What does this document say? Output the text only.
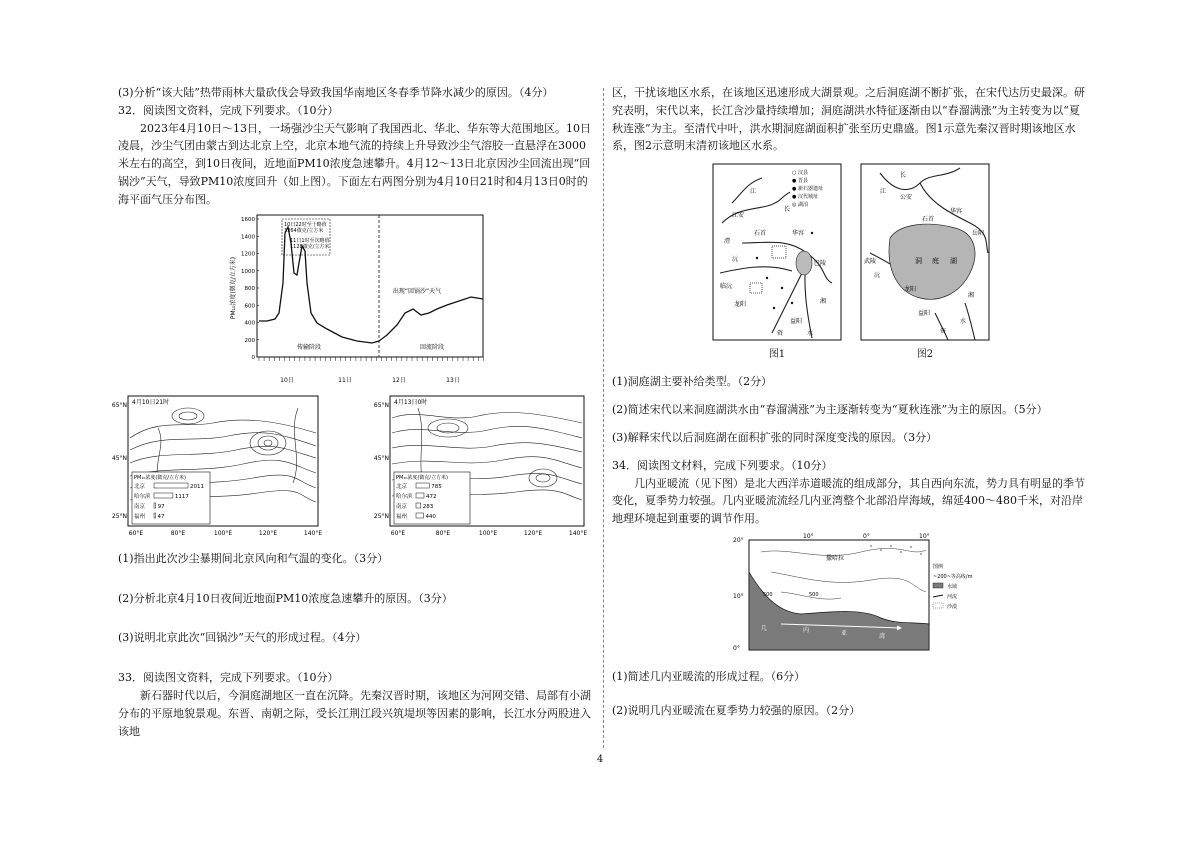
(3)分析“该大陆”热带雨林大量砍伐会导致我国华南地区冬春季节降水减少的原因。（4分）

32．阅读图文资料，完成下列要求。（10分）

2023年4月10日～13日，一场强沙尘天气影响了我国西北、华北、华东等大范围地区。10日凌晨，沙尘气团由蒙古到达北京上空，北京本地气流的持续上升导致沙尘气溶胶一直悬浮在3000米左右的高空，到10日夜间，近地面PM10浓度急速攀升。4月12～13日北京因沙尘回流出现“回锅沙”天气，导致PM10浓度回升（如上图）。下面左右两图分别为4月10日21时和4月13日0时的海平面气压分布图。

PM₁₀浓度(微克/立方米)
0
200
400
600
800
1000
1200
1400
1600
10日22时至十略值
1364微克/立方米
11日1时至次略值
1128微克/立方米
出现“回锅沙”天气
传输阶段	回流阶段
10日	11日	12日	13日
4月10日21时
65°N
45°N
25°N
PM₁₀浓度(微克/立方米)
北京	2011
哈尔滨	1117
南京 97
福州 47
60°E	80°E	100°E	120°E	140°E
4月13日0时
65°N
45°N
25°N
PM₁₀浓度(微克/立方米)
北京	785
哈尔滨 472
南京	283
福州	440
60°E	80°E	100°E	120°E	140°E

(1)指出此次沙尘暴期间北京风向和气温的变化。（3分）

(2)分析北京4月10日夜间近地面PM10浓度急速攀升的原因。（3分）

(3)说明北京此次“回锅沙”天气的形成过程。（4分）

33．阅读图文资料，完成下列要求。（10分）

新石器时代以后，今洞庭湖地区一直在沉降。先秦汉晋时期，该地区为河网交错、局部有小湖分布的平原地貌景观。东晋、南朝之际，受长江荆江段兴筑堤坝等因素的影响，长江水分两股进入该地

区，干扰该地区水系，在该地区迅速形成大湖景观。之后洞庭湖不断扩张，在宋代达历史最深。研究表明，宋代以来，长江含沙量持续增加；洞庭湖洪水特征逐渐由以“春溜满涨”为主转变为以“夏秋连涨”为主。至清代中叶，洪水期洞庭湖面积扩张至历史鼎盛。图1示意先秦汉晋时期该地区水系，图2示意明末清初该地区水系。

○ 汉县
● 晋县
● 新石器遗址
● 汉代城址
◎ 湖泊
江
江安
长
石首	华容
巴陵
临沅
龙阳
益阳
资
沅
水
湘
澧
图1
长
江
公安
石首
华容
岳阳
洞 庭 湖
武陵
龙阳
沅
益阳
湘
资
水
图2

(1)洞庭湖主要补给类型。（2分）

(2)简述宋代以来洞庭湖洪水由“春溜满涨”为主逐渐转变为“夏秋连涨”为主的原因。（5分）

(3)解释宋代以后洞庭湖在面积扩张的同时深度变浅的原因。（3分）

34．阅读图文材料，完成下列要求。（10分）

几内亚暖流（见下图）是北大西洋赤道暖流的组成部分，其自西向东流，势力具有明显的季节变化，夏季势力较强。几内亚暖流流经几内亚湾整个北部沿岸海域，绵延400～480千米，对沿岸地理环境起到重要的调节作用。

20°
10°
0°
10°	0°	10°
撒哈拉
500	500
几	内	亚	湾
图例
~200~等高线/m
水域
河流
沙漠

(1)简述几内亚暖流的形成过程。（6分）

(2)说明几内亚暖流在夏季势力较强的原因。（2分）

4
